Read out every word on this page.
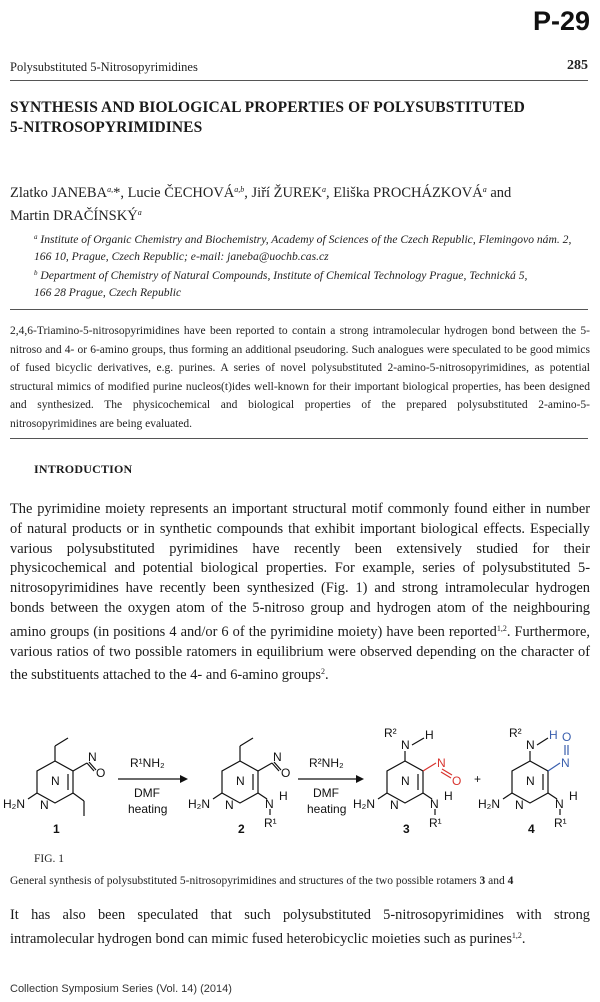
P-29
Polysubstituted 5-Nitrosopyrimidines	285
SYNTHESIS AND BIOLOGICAL PROPERTIES OF POLYSUBSTITUTED
5-NITROSOPYRIMIDINES
Zlatko $JANEBA^{a,}*$, Lucie ČECHOVÁ$^{a,b}$, Jiří ŽUREK$^a$, Eliška PROCHÁZKOVÁ$^a$ and
Martin DRAČÍNSKÝ$^a$
$^a$ Institute of Organic Chemistry and Biochemistry, Academy of Sciences of the Czech Republic, Flemingovo nám. 2,
166 10, Prague, Czech Republic; e-mail: janeba@uochb.cas.cz
$^b$ Department of Chemistry of Natural Compounds, Institute of Chemical Technology Prague, Technická 5,
166 28 Prague, Czech Republic
2,4,6-Triamino-5-nitrosopyrimidines have been reported to contain a strong intramolecular hydrogen bond between the 5-nitroso and 4- or 6-amino groups, thus forming an additional pseudoring. Such analogues were speculated to be good mimics of fused bicyclic derivatives, e.g. purines. A series of novel polysubstituted 2-amino-5-nitrosopyrimidines, as potential structural mimics of modified purine nucleos(t)ides well-known for their important biological properties, has been designed and synthesized. The physicochemical and biological properties of the prepared polysubstituted 2-amino-5-nitrosopyrimidines are being evaluated.
INTRODUCTION
The pyrimidine moiety represents an important structural motif commonly found either in number of natural products or in synthetic compounds that exhibit important biological effects. Especially various polysubstituted pyrimidines have recently been extensively studied for their physicochemical and potential biological properties. For example, series of polysubstituted 5-nitrosopyrimidines have recently been synthesized (Fig. 1) and strong intramolecular hydrogen bonds between the oxygen atom of the 5-nitroso group and hydrogen atom of the neighbouring amino groups (in positions 4 and/or 6 of the pyrimidine moiety) have been reported$^{1,2}$. Furthermore, various ratios of two possible ratomers in equilibrium were observed depending on the character of the substituents attached to the 4- and 6-amino groups$^2$.
N
N
H₂N
N
O
1
R¹NH₂
DMF
heating
N
N
H₂N
N
O
N
H
R¹
2
R²NH₂
DMF
heating
N
N
H₂N
N
R² H
N
O
N
H
R¹
3
+	N
N
H₂N
N
R² H
N
O
N
H
R¹
4
FIG. 1
General synthesis of polysubstituted 5-nitrosopyrimidines and structures of the two possible rotamers 3 and 4
It has also been speculated that such polysubstituted 5-nitrosopyrimidines with strong intramolecular hydrogen bond can mimic fused heterobicyclic moieties such as purines$^{1,2}$.
Collection Symposium Series (Vol. 14) (2014)
